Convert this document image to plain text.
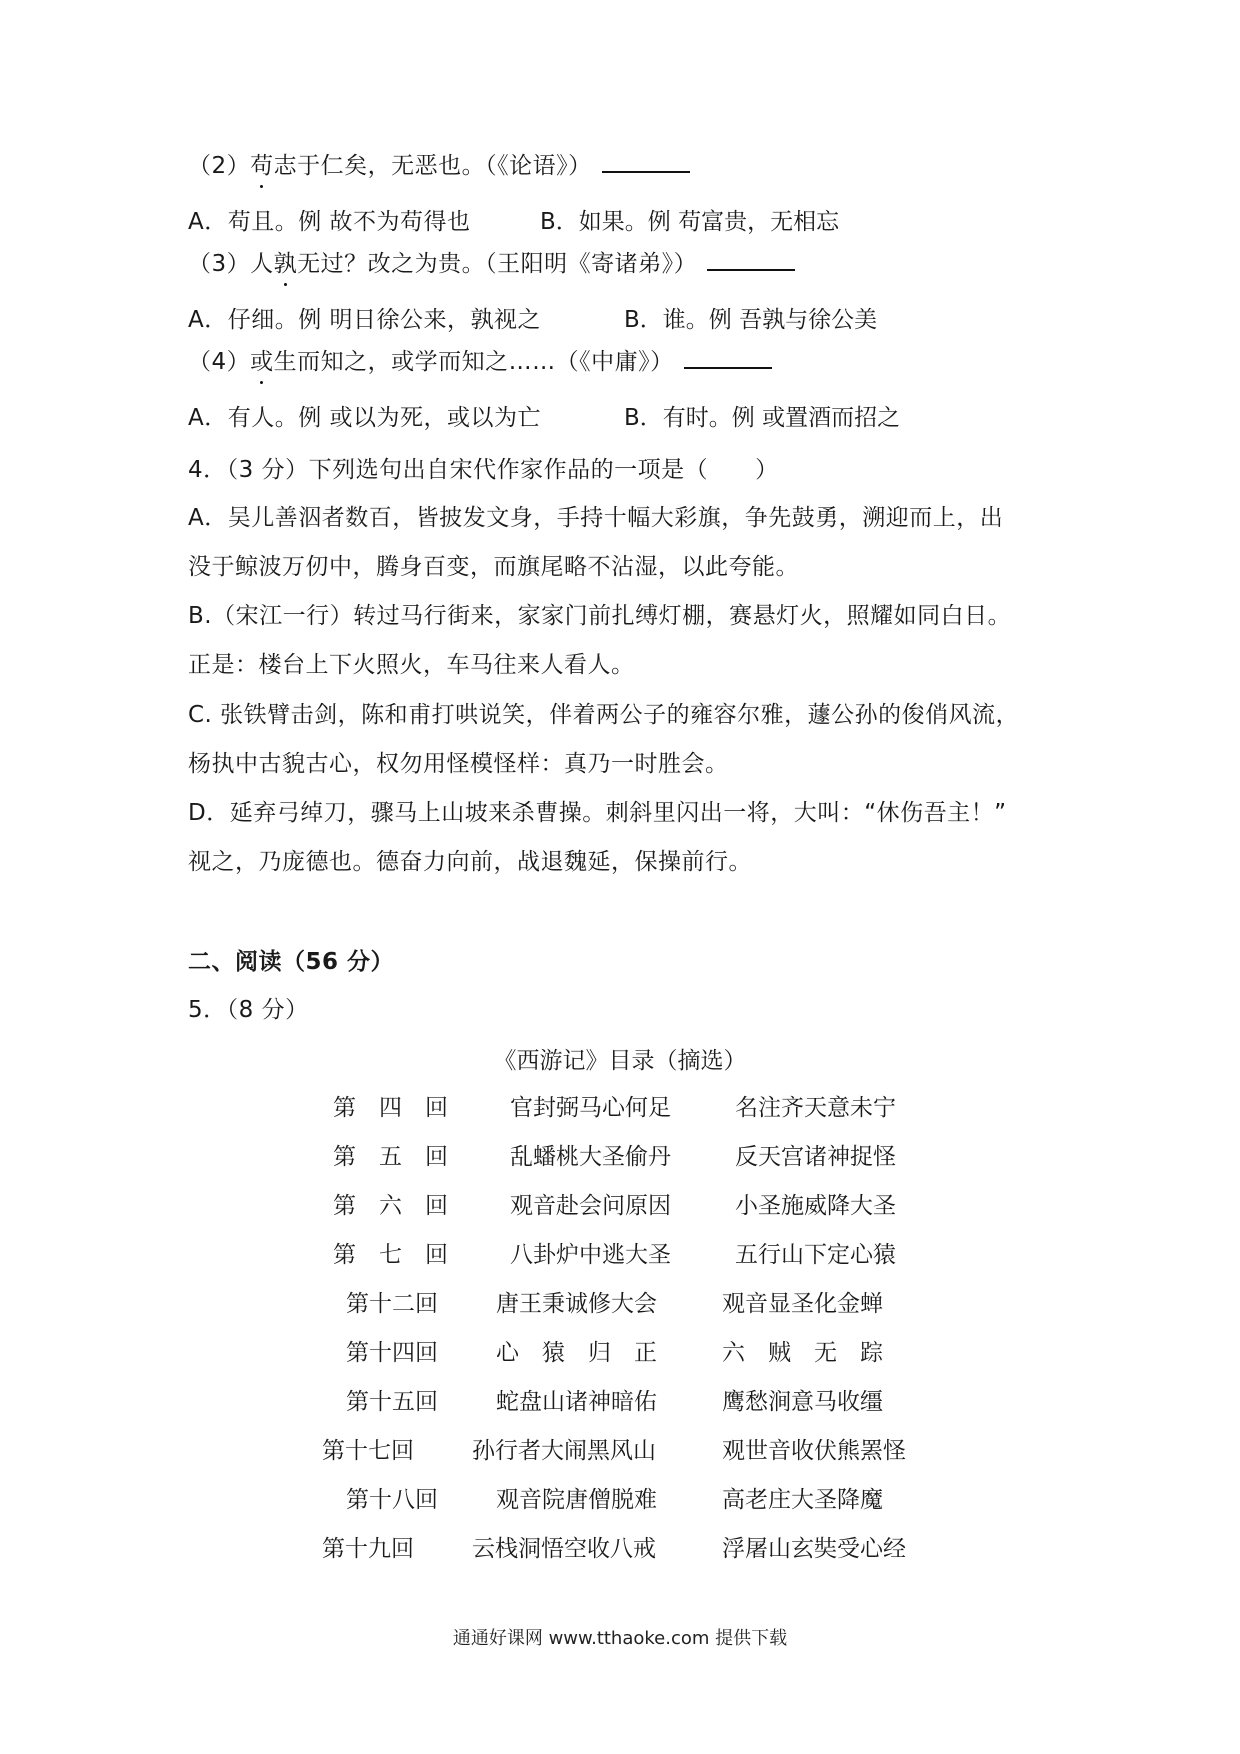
（2）苟志于仁矣，无恶也。（《论语》）
A．苟且。例 故不为苟得也	B．如果。例 苟富贵，无相忘
（3）人孰无过？改之为贵。（王阳明《寄诸弟》）
A．仔细。例 明日徐公来，孰视之	B．谁。例 吾孰与徐公美
（4）或生而知之，或学而知之……（《中庸》）
A．有人。例 或以为死，或以为亡	B．有时。例 或置酒而招之
4．（3 分）下列选句出自宋代作家作品的一项是（　　）
A．吴儿善泅者数百，皆披发文身，手持十幅大彩旗，争先鼓勇，溯迎而上，出
没于鲸波万仞中，腾身百变，而旗尾略不沾湿，以此夸能。
B.（宋江一行）转过马行街来，家家门前扎缚灯棚，赛悬灯火，照耀如同白日。
正是：楼台上下火照火，车马往来人看人。
C. 张铁臂击剑，陈和甫打哄说笑，伴着两公子的雍容尔雅，蘧公孙的俊俏风流，
杨执中古貌古心，权勿用怪模怪样：真乃一时胜会。
D．延弃弓绰刀，骤马上山坡来杀曹操。刺斜里闪出一将，大叫：“休伤吾主！”
视之，乃庞德也。德奋力向前，战退魏延，保操前行。
二、阅读（56 分）
5．（8 分）
《西游记》目录（摘选）
第　四　回	官封弼马心何足	名注齐天意未宁
第　五　回	乱蟠桃大圣偷丹	反天宫诸神捉怪
第　六　回	观音赴会问原因	小圣施威降大圣
第　七　回	八卦炉中逃大圣	五行山下定心猿
第十二回	唐王秉诚修大会	观音显圣化金蝉
第十四回	心　猿　归　正	六　贼　无　踪
第十五回	蛇盘山诸神暗佑	鹰愁涧意马收缰
第十七回	孙行者大闹黑风山	观世音收伏熊罴怪
第十八回	观音院唐僧脱难	高老庄大圣降魔
第十九回	云栈洞悟空收八戒	浮屠山玄奘受心经
通通好课网 www.tthaoke.com 提供下载
